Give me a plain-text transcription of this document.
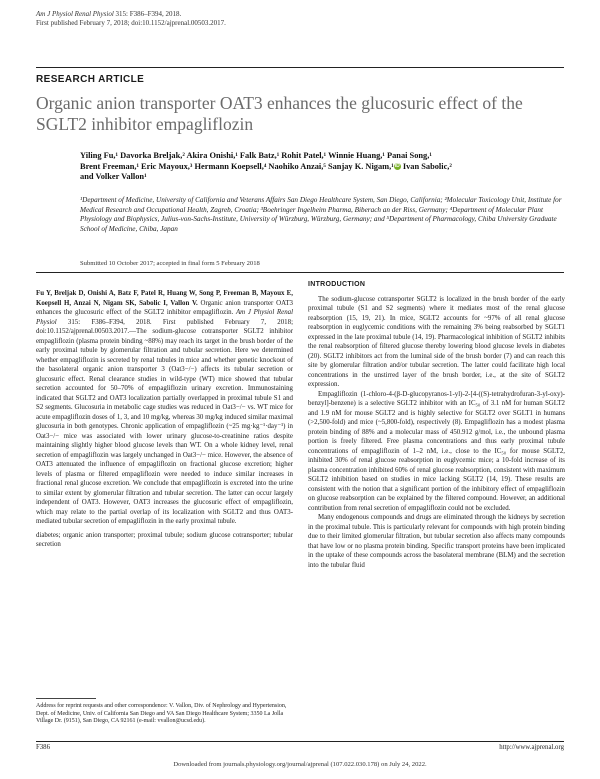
Am J Physiol Renal Physiol 315: F386–F394, 2018.
First published February 7, 2018; doi:10.1152/ajprenal.00503.2017.
RESEARCH ARTICLE
Organic anion transporter OAT3 enhances the glucosuric effect of the SGLT2 inhibitor empagliflozin
Yiling Fu,¹ Davorka Breljak,² Akira Onishi,¹ Falk Batz,¹ Rohit Patel,¹ Winnie Huang,¹ Panai Song,¹
Brent Freeman,¹ Eric Mayoux,³ Hermann Koepsell,⁴ Naohiko Anzai,⁵ Sanjay K. Nigam,¹iD Ivan Sabolic,²
and Volker Vallon¹
¹Department of Medicine, University of California and Veterans Affairs San Diego Healthcare System, San Diego, California; ²Molecular Toxicology Unit, Institute for Medical Research and Occupational Health, Zagreb, Croatia; ³Boehringer Ingelheim Pharma, Biberach an der Riss, Germany; ⁴Department of Molecular Plant Physiology and Biophysics, Julius-von-Sachs-Institute, University of Würzburg, Würzburg, Germany; and ⁵Department of Pharmacology, Chiba University Graduate School of Medicine, Chiba, Japan
Submitted 10 October 2017; accepted in final form 5 February 2018

Fu Y, Breljak D, Onishi A, Batz F, Patel R, Huang W, Song P, Freeman B, Mayoux E, Koepsell H, Anzai N, Nigam SK, Sabolic I, Vallon V. Organic anion transporter OAT3 enhances the glucosuric effect of the SGLT2 inhibitor empagliflozin. Am J Physiol Renal Physiol 315: F386–F394, 2018. First published February 7, 2018; doi:10.1152/ajprenal.00503.2017.—The sodium-glucose cotransporter SGLT2 inhibitor empagliflozin (plasma protein binding ~88%) may reach its target in the brush border of the early proximal tubule by glomerular filtration and tubular secretion. Here we determined whether empagliflozin is secreted by renal tubules in mice and whether genetic knockout of the basolateral organic anion transporter 3 (Oat3−/−) affects its tubular secretion or glucosuric effect. Renal clearance studies in wild-type (WT) mice showed that tubular secretion accounted for 50–70% of empagliflozin urinary excretion. Immunostaining indicated that SGLT2 and OAT3 localization partially overlapped in proximal tubule S1 and S2 segments. Glucosuria in metabolic cage studies was reduced in Oat3−/− vs. WT mice for acute empagliflozin doses of 1, 3, and 10 mg/kg, whereas 30 mg/kg induced similar maximal glucosuria in both genotypes. Chronic application of empagliflozin (~25 mg·kg⁻¹·day⁻¹) in Oat3−/− mice was associated with lower urinary glucose-to-creatinine ratios despite maintaining slightly higher blood glucose levels than WT. On a whole kidney level, renal secretion of empagliflozin was largely unchanged in Oat3−/− mice. However, the absence of OAT3 attenuated the influence of empagliflozin on fractional glucose excretion; higher levels of plasma or filtered empagliflozin were needed to induce similar increases in fractional renal glucose excretion. We conclude that empagliflozin is excreted into the urine to similar extent by glomerular filtration and tubular secretion. The latter can occur largely independent of OAT3. However, OAT3 increases the glucosuric effect of empagliflozin, which may relate to the partial overlap of its localization with SGLT2 and thus OAT3-mediated tubular secretion of empagliflozin in the early proximal tubule.

diabetes; organic anion transporter; proximal tubule; sodium glucose cotransporter; tubular secretion

INTRODUCTION

The sodium-glucose cotransporter SGLT2 is localized in the brush border of the early proximal tubule (S1 and S2 segments) where it mediates most of the renal glucose reabsorption (15, 19, 21). In mice, SGLT2 accounts for ~97% of all renal glucose reabsorption in euglycemic conditions with the remaining 3% being reabsorbed by SGLT1 expressed in the late proximal tubule (14, 19). Pharmacological inhibition of SGLT2 inhibits the renal reabsorption of filtered glucose thereby lowering blood glucose levels in diabetes (20). SGLT2 inhibitors act from the luminal side of the brush border (7) and can reach this site by glomerular filtration and/or tubular secretion. The latter could facilitate high local concentrations in the unstirred layer of the brush border, i.e., at the site of SGLT2 expression.

Empagliflozin (1-chloro-4-(β-D-glucopyranos-1-yl)-2-[4-((S)-tetrahydrofuran-3-yl-oxy)-benzyl]-benzene) is a selective SGLT2 inhibitor with an IC₅₀ of 3.1 nM for human SGLT2 and 1.9 nM for mouse SGLT2 and is highly selective for SGLT2 over SGLT1 in humans (>2,500-fold) and mice (~5,800-fold), respectively (8). Empagliflozin has a modest plasma protein binding of 88% and a molecular mass of 450.912 g/mol, i.e., the unbound plasma portion is freely filtered. Free plasma concentrations and thus early proximal tubule concentrations of empagliflozin of 1–2 nM, i.e., close to the IC₅₀ for mouse SGLT2, inhibited 30% of renal glucose reabsorption in euglycemic mice; a 10-fold increase of its plasma concentration inhibited 60% of renal glucose reabsorption, consistent with maximum SGLT2 inhibition based on studies in mice lacking SGLT2 (14, 19). These results are consistent with the notion that a significant portion of the inhibitory effect of empagliflozin on glucose reabsorption can be explained by the filtered compound. However, an additional contribution from renal secretion of empagliflozin could not be excluded.

Many endogenous compounds and drugs are eliminated through the kidneys by secretion in the proximal tubule. This is particularly relevant for compounds with high protein binding due to their limited glomerular filtration, but tubular secretion also affects many compounds that have low or no plasma protein binding. Specific transport proteins have been implicated in the uptake of these compounds across the basolateral membrane (BLM) and the secretion into the tubular fluid

Address for reprint requests and other correspondence: V. Vallon, Div. of Nephrology and Hypertension, Dept. of Medicine, Univ. of California San Diego and VA San Diego Healthcare System; 3350 La Jolla Village Dr. (9151), San Diego, CA 92161 (e-mail: vvallon@ucsd.edu).
F386	http://www.ajprenal.org
Downloaded from journals.physiology.org/journal/ajprenal (107.022.030.178) on July 24, 2022.
